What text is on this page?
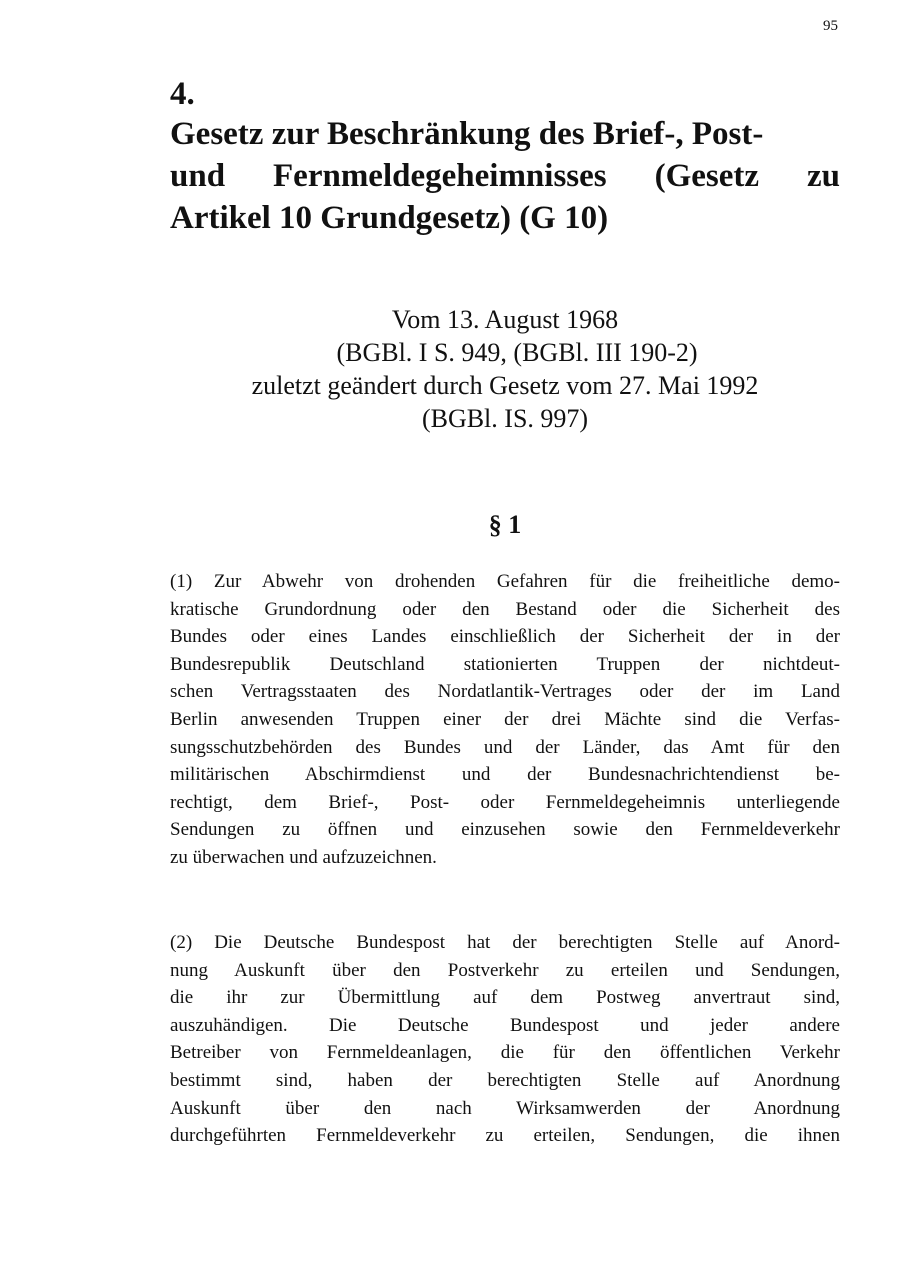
95
4.
Gesetz zur Beschränkung des Brief-, Post-
und Fernmeldegeheimnisses (Gesetz zu
Artikel 10 Grundgesetz) (G 10)
Vom 13. August 1968
(BGBl. I S. 949, (BGBl. III 190-2)
zuletzt geändert durch Gesetz vom 27. Mai 1992
(BGBl. IS. 997)
§ 1
(1) Zur Abwehr von drohenden Gefahren für die freiheitliche demo-
kratische Grundordnung oder den Bestand oder die Sicherheit des
Bundes oder eines Landes einschließlich der Sicherheit der in der
Bundesrepublik Deutschland stationierten Truppen der nichtdeut-
schen Vertragsstaaten des Nordatlantik-Vertrages oder der im Land
Berlin anwesenden Truppen einer der drei Mächte sind die Verfas-
sungsschutzbehörden des Bundes und der Länder, das Amt für den
militärischen Abschirmdienst und der Bundesnachrichtendienst be-
rechtigt, dem Brief-, Post- oder Fernmeldegeheimnis unterliegende
Sendungen zu öffnen und einzusehen sowie den Fernmeldeverkehr
zu überwachen und aufzuzeichnen.
(2) Die Deutsche Bundespost hat der berechtigten Stelle auf Anord-
nung Auskunft über den Postverkehr zu erteilen und Sendungen,
die ihr zur Übermittlung auf dem Postweg anvertraut sind,
auszuhändigen. Die Deutsche Bundespost und jeder andere
Betreiber von Fernmeldeanlagen, die für den öffentlichen Verkehr
bestimmt sind, haben der berechtigten Stelle auf Anordnung
Auskunft über den nach Wirksamwerden der Anordnung
durchgeführten Fernmeldeverkehr zu erteilen, Sendungen, die ihnen
